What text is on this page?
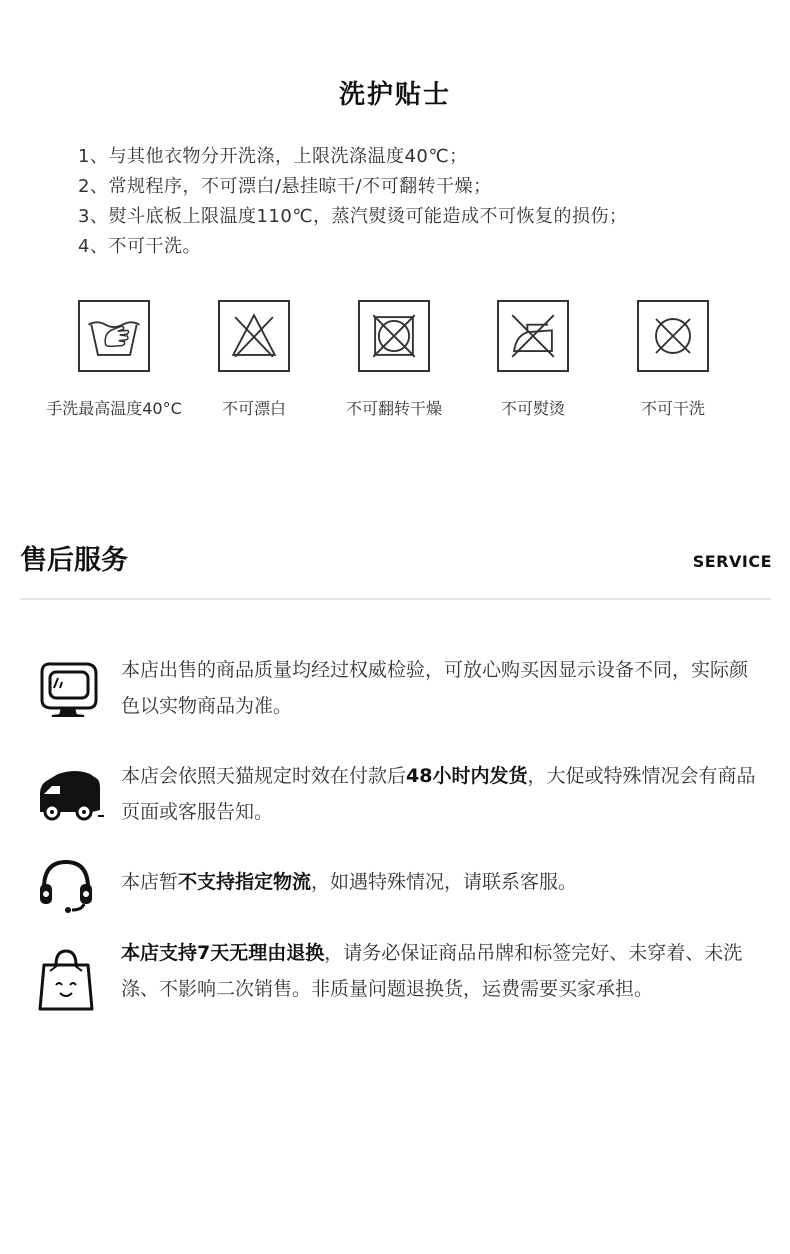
洗护贴士
1、与其他衣物分开洗涤，上限洗涤温度40℃；
2、常规程序，不可漂白/悬挂晾干/不可翻转干燥；
3、熨斗底板上限温度110℃，蒸汽熨烫可能造成不可恢复的损伤；
4、不可干洗。
手洗最高温度40°C	不可漂白	不可翻转干燥	不可熨烫	不可干洗
售后服务	SERVICE
本店出售的商品质量均经过权威检验，可放心购买因显示设备不同，实际颜色以实物商品为准。
本店会依照天猫规定时效在付款后48小时内发货，大促或特殊情况会有商品页面或客服告知。
本店暂不支持指定物流，如遇特殊情况，请联系客服。
本店支持7天无理由退换，请务必保证商品吊牌和标签完好、未穿着、未洗涤、不影响二次销售。非质量问题退换货，运费需要买家承担。
